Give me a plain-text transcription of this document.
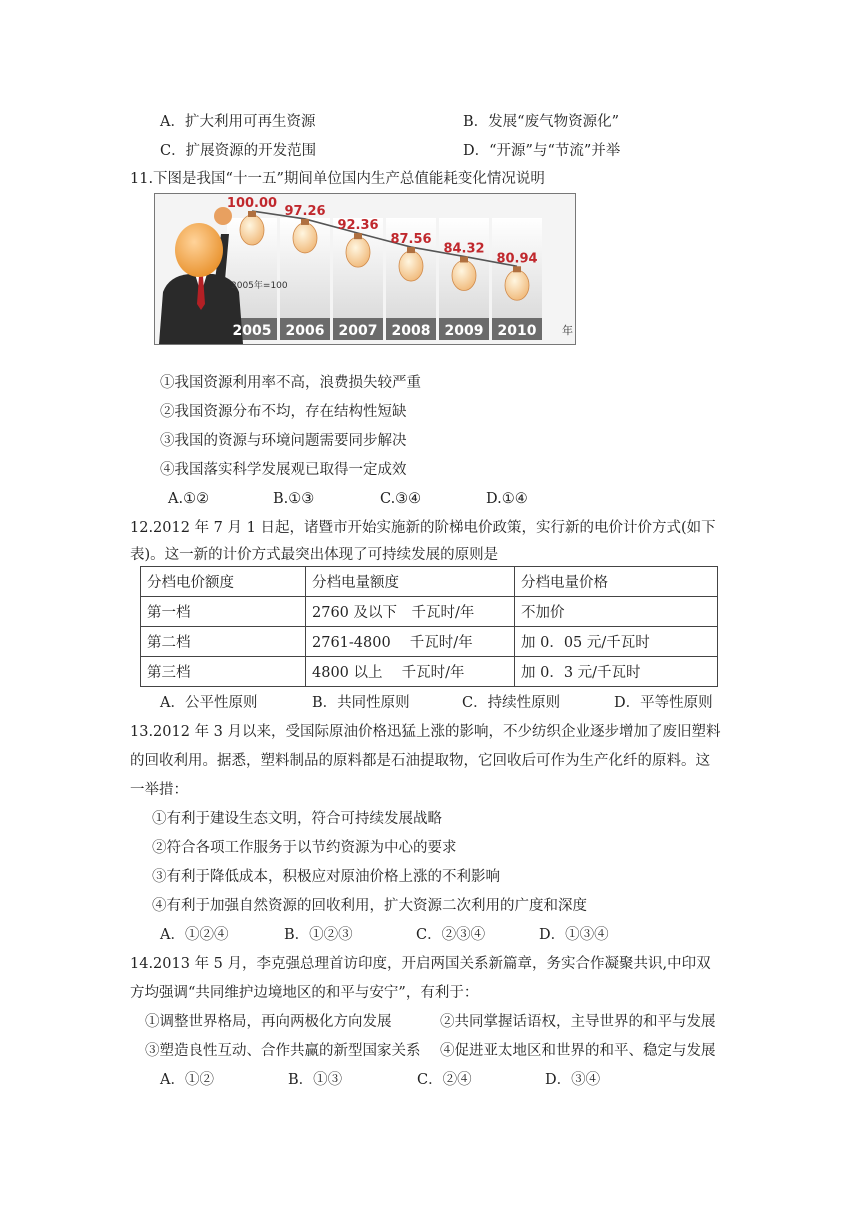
A．扩大利用可再生资源	B．发展“废气物资源化”
C．扩展资源的开发范围	D．“开源”与“节流”并举
11.下图是我国“十一五”期间单位国内生产总值能耗变化情况说明
100.00
97.26
92.36
87.56
84.32
80.94
2005 2006 2007 2008 2009 2010
2005年=100
年
①我国资源利用率不高，浪费损失较严重
②我国资源分布不均，存在结构性短缺
③我国的资源与环境问题需要同步解决
④我国落实科学发展观已取得一定成效
A.①②	B.①③	C.③④	D.①④
12.2012 年 7 月 1 日起，诸暨市开始实施新的阶梯电价政策，实行新的电价计价方式(如下
表)。这一新的计价方式最突出体现了可持续发展的原则是
分档电价额度	分档电量额度	分档电量价格
第一档	2760 及以下　千瓦时/年	不加价
第二档	2761-4800　 千瓦时/年	加 0．05 元/千瓦时
第三档	4800 以上　 千瓦时/年	加 0．3 元/千瓦时
A．公平性原则	B．共同性原则	C．持续性原则	D．平等性原则
13.2012 年 3 月以来，受国际原油价格迅猛上涨的影响，不少纺织企业逐步增加了废旧塑料
的回收利用。据悉，塑料制品的原料都是石油提取物，它回收后可作为生产化纤的原料。这
一举措：
①有利于建设生态文明，符合可持续发展战略
②符合各项工作服务于以节约资源为中心的要求
③有利于降低成本，积极应对原油价格上涨的不利影响
④有利于加强自然资源的回收利用，扩大资源二次利用的广度和深度
A．①②④	B．①②③	C．②③④	D．①③④
14.2013 年 5 月，李克强总理首访印度，开启两国关系新篇章，务实合作凝聚共识,中印双
方均强调“共同维护边境地区的和平与安宁”，有利于：
①调整世界格局，再向两极化方向发展	②共同掌握话语权，主导世界的和平与发展
③塑造良性互动、合作共赢的新型国家关系 ④促进亚太地区和世界的和平、稳定与发展
A．①②	B．①③	C．②④	D．③④
